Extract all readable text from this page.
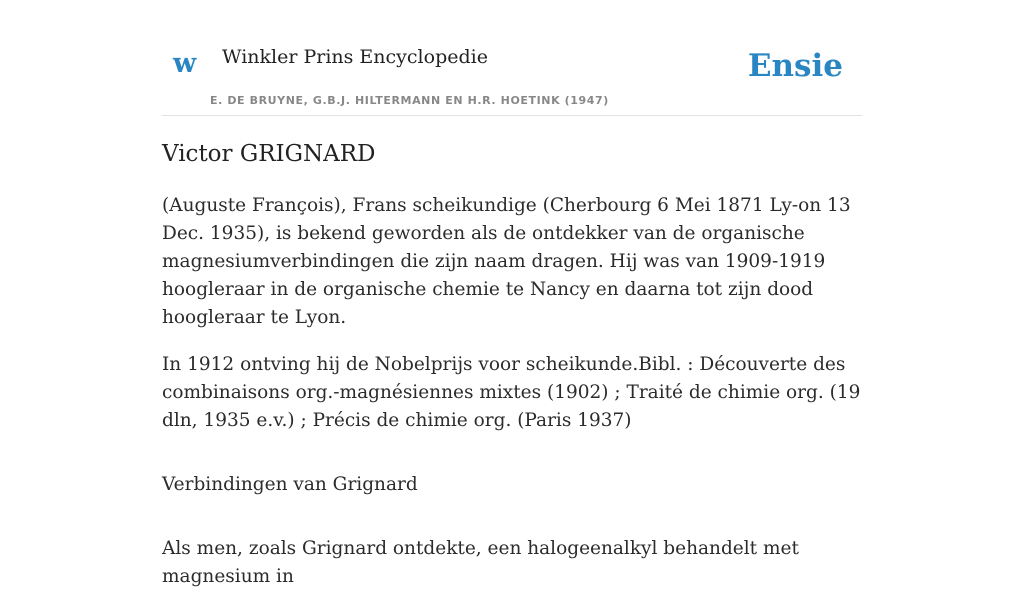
w Winkler Prins Encyclopedie	Ensie
E. DE BRUYNE, G.B.J. HILTERMANN EN H.R. HOETINK (1947)
Victor GRIGNARD

(Auguste François), Frans scheikundige (Cherbourg 6 Mei 1871 Ly-on 13 Dec. 1935), is bekend geworden als de ontdekker van de organische magnesiumverbindingen die zijn naam dragen. Hij was van 1909-1919 hoogleraar in de organische chemie te Nancy en daarna tot zijn dood hoogleraar te Lyon.

In 1912 ontving hij de Nobelprijs voor scheikunde.Bibl. : Découverte des combinaisons org.-magnésiennes mixtes (1902) ; Traité de chimie org. (19 dln, 1935 e.v.) ; Précis de chimie org. (Paris 1937)

Verbindingen van Grignard

Als men, zoals Grignard ontdekte, een halogeenalkyl behandelt met magnesium in
